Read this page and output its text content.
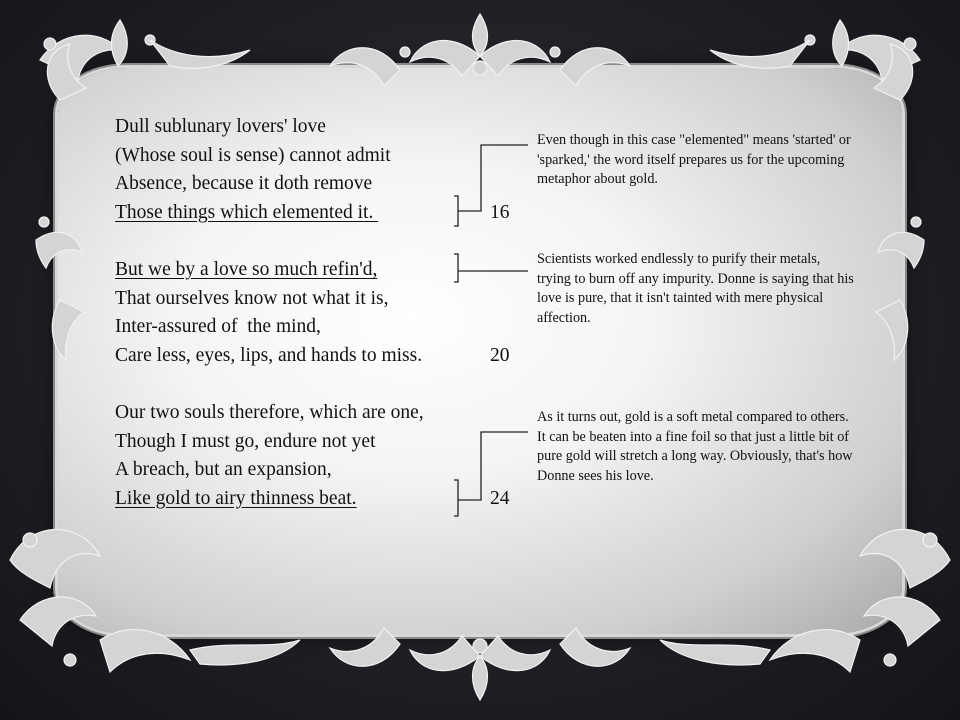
Dull sublunary lovers' love
(Whose soul is sense) cannot admit
Absence, because it doth remove
Those things which elemented it.	16
But we by a love so much refin'd,
That ourselves know not what it is,
Inter-assured of  the mind,
Care less, eyes, lips, and hands to miss.	20
Our two souls therefore, which are one,
Though I must go, endure not yet
A breach, but an expansion,
Like gold to airy thinness beat.	24
Even though in this case "elemented" means 'started' or 'sparked,' the word itself prepares us for the upcoming metaphor about gold.
Scientists worked endlessly to purify their metals, trying to burn off any impurity. Donne is saying that his love is pure, that it isn't tainted with mere physical affection.
As it turns out, gold is a soft metal compared to others. It can be beaten into a fine foil so that just a little bit of pure gold will stretch a long way. Obviously, that's how Donne sees his love.
